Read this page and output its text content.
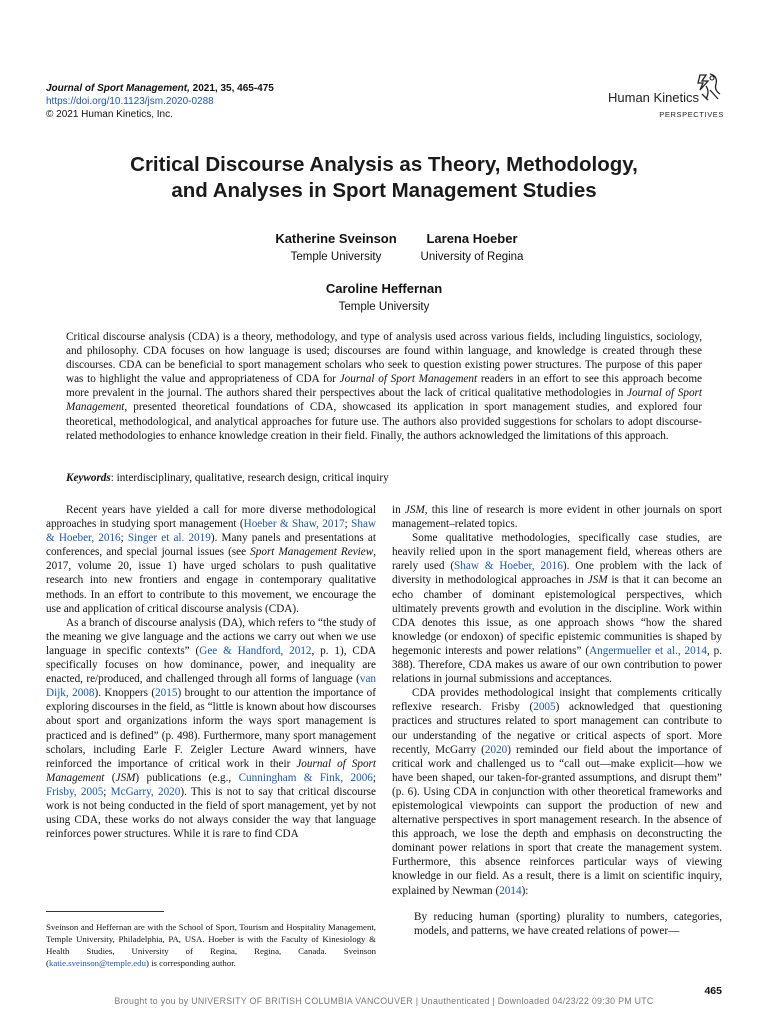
Journal of Sport Management, 2021, 35, 465-475
https://doi.org/10.1123/jsm.2020-0288
© 2021 Human Kinetics, Inc.
Human Kinetics
PERSPECTIVES
Critical Discourse Analysis as Theory, Methodology,
and Analyses in Sport Management Studies
Katherine Sveinson
Temple University
Larena Hoeber
University of Regina
Caroline Heffernan
Temple University
Critical discourse analysis (CDA) is a theory, methodology, and type of analysis used across various fields, including linguistics, sociology, and philosophy. CDA focuses on how language is used; discourses are found within language, and knowledge is created through these discourses. CDA can be beneficial to sport management scholars who seek to question existing power structures. The purpose of this paper was to highlight the value and appropriateness of CDA for Journal of Sport Management readers in an effort to see this approach become more prevalent in the journal. The authors shared their perspectives about the lack of critical qualitative methodologies in Journal of Sport Management, presented theoretical foundations of CDA, showcased its application in sport management studies, and explored four theoretical, methodological, and analytical approaches for future use. The authors also provided suggestions for scholars to adopt discourse-related methodologies to enhance knowledge creation in their field. Finally, the authors acknowledged the limitations of this approach.
Keywords: interdisciplinary, qualitative, research design, critical inquiry

Recent years have yielded a call for more diverse methodological approaches in studying sport management (Hoeber & Shaw, 2017; Shaw & Hoeber, 2016; Singer et al. 2019). Many panels and presentations at conferences, and special journal issues (see Sport Management Review, 2017, volume 20, issue 1) have urged scholars to push qualitative research into new frontiers and engage in contemporary qualitative methods. In an effort to contribute to this movement, we encourage the use and application of critical discourse analysis (CDA).

As a branch of discourse analysis (DA), which refers to “the study of the meaning we give language and the actions we carry out when we use language in specific contexts” (Gee & Handford, 2012, p. 1), CDA specifically focuses on how dominance, power, and inequality are enacted, re/produced, and challenged through all forms of language (van Dijk, 2008). Knoppers (2015) brought to our attention the importance of exploring discourses in the field, as “little is known about how discourses about sport and organizations inform the ways sport management is practiced and is defined” (p. 498). Furthermore, many sport management scholars, including Earle F. Zeigler Lecture Award winners, have reinforced the importance of critical work in their Journal of Sport Management (JSM) publications (e.g., Cunningham & Fink, 2006; Frisby, 2005; McGarry, 2020). This is not to say that critical discourse work is not being conducted in the field of sport management, yet by not using CDA, these works do not always consider the way that language reinforces power structures. While it is rare to find CDA

in JSM, this line of research is more evident in other journals on sport management–related topics.

Some qualitative methodologies, specifically case studies, are heavily relied upon in the sport management field, whereas others are rarely used (Shaw & Hoeber, 2016). One problem with the lack of diversity in methodological approaches in JSM is that it can become an echo chamber of dominant epistemological perspectives, which ultimately prevents growth and evolution in the discipline. Work within CDA denotes this issue, as one approach shows “how the shared knowledge (or endoxon) of specific epistemic communities is shaped by hegemonic interests and power relations” (Angermueller et al., 2014, p. 388). Therefore, CDA makes us aware of our own contribution to power relations in journal submissions and acceptances.

CDA provides methodological insight that complements critically reflexive research. Frisby (2005) acknowledged that questioning practices and structures related to sport management can contribute to our understanding of the negative or critical aspects of sport. More recently, McGarry (2020) reminded our field about the importance of critical work and challenged us to “call out—make explicit—how we have been shaped, our taken-for-granted assumptions, and disrupt them” (p. 6). Using CDA in conjunction with other theoretical frameworks and epistemological viewpoints can support the production of new and alternative perspectives in sport management research. In the absence of this approach, we lose the depth and emphasis on deconstructing the dominant power relations in sport that create the management system. Furthermore, this absence reinforces particular ways of viewing knowledge in our field. As a result, there is a limit on scientific inquiry, explained by Newman (2014):

By reducing human (sporting) plurality to numbers, categories, models, and patterns, we have created relations of power—

Sveinson and Heffernan are with the School of Sport, Tourism and Hospitality Management, Temple University, Philadelphia, PA, USA. Hoeber is with the Faculty of Kinesiology & Health Studies, University of Regina, Regina, Canada. Sveinson (katie.sveinson@temple.edu) is corresponding author.
465
Brought to you by UNIVERSITY OF BRITISH COLUMBIA VANCOUVER | Unauthenticated | Downloaded 04/23/22 09:30 PM UTC
